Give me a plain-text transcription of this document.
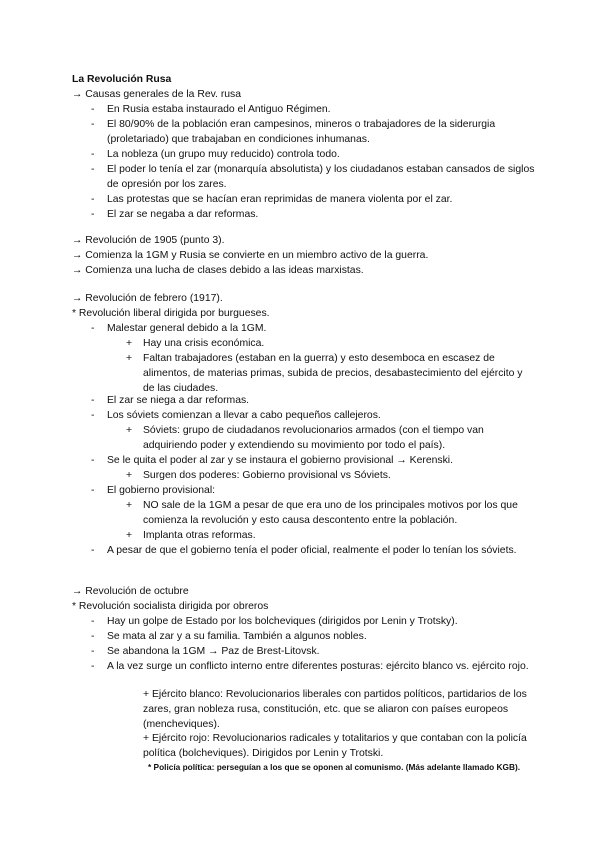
La Revolución Rusa
→ Causas generales de la Rev. rusa
- En Rusia estaba instaurado el Antiguo Régimen.
- El 80/90% de la población eran campesinos, mineros o trabajadores de la siderurgia (proletariado) que trabajaban en condiciones inhumanas.
- La nobleza (un grupo muy reducido) controla todo.
- El poder lo tenía el zar (monarquía absolutista) y los ciudadanos estaban cansados de siglos de opresión por los zares.
- Las protestas que se hacían eran reprimidas de manera violenta por el zar.
- El zar se negaba a dar reformas.
→ Revolución de 1905 (punto 3).
→ Comienza la 1GM y Rusia se convierte en un miembro activo de la guerra.
→ Comienza una lucha de clases debido a las ideas marxistas.
→ Revolución de febrero (1917).
* Revolución liberal dirigida por burgueses.
- Malestar general debido a la 1GM.
+ Hay una crisis económica.
+ Faltan trabajadores (estaban en la guerra) y esto desemboca en escasez de alimentos, de materias primas, subida de precios, desabastecimiento del ejército y de las ciudades.
- El zar se niega a dar reformas.
- Los sóviets comienzan a llevar a cabo pequeños callejeros.
+ Sóviets: grupo de ciudadanos revolucionarios armados (con el tiempo van adquiriendo poder y extendiendo su movimiento por todo el país).
- Se le quita el poder al zar y se instaura el gobierno provisional → Kerenski.
+ Surgen dos poderes: Gobierno provisional vs Sóviets.
- El gobierno provisional:
+ NO sale de la 1GM a pesar de que era uno de los principales motivos por los que comienza la revolución y esto causa descontento entre la población.
+ Implanta otras reformas.
- A pesar de que el gobierno tenía el poder oficial, realmente el poder lo tenían los sóviets.
→ Revolución de octubre
* Revolución socialista dirigida por obreros
- Hay un golpe de Estado por los bolcheviques (dirigidos por Lenin y Trotsky).
- Se mata al zar y a su familia. También a algunos nobles.
- Se abandona la 1GM → Paz de Brest-Litovsk.
- A la vez surge un conflicto interno entre diferentes posturas: ejército blanco vs. ejército rojo.
+ Ejército blanco: Revolucionarios liberales con partidos políticos, partidarios de los zares, gran nobleza rusa, constitución, etc. que se aliaron con países europeos (mencheviques).
+ Ejército rojo: Revolucionarios radicales y totalitarios y que contaban con la policía política (bolcheviques). Dirigidos por Lenin y Trotski.
* Policía política: perseguían a los que se oponen al comunismo. (Más adelante llamado KGB).
